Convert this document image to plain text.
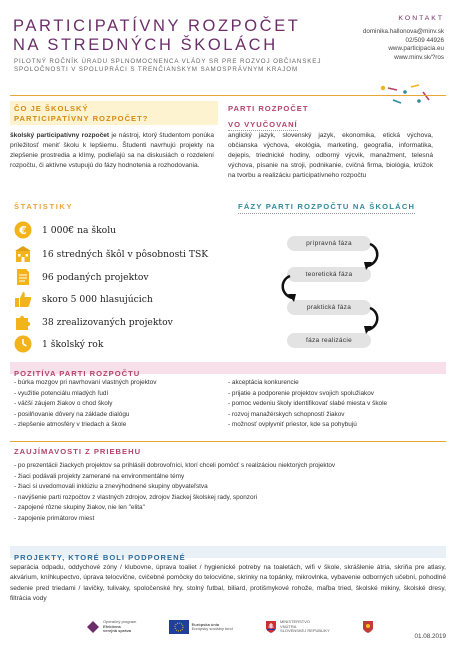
PARTICIPATÍVNY ROZPOČET
NA STREDNÝCH ŠKOLÁCH
PILOTNÝ ROČNÍK ÚRADU SPLNOMOCNENCA VLÁDY SR PRE ROZVOJ OBČIANSKEJ
SPOLOČNOSTI V SPOLUPRÁCI S TRENČIANSKYM SAMOSPRÁVNYM KRAJOM
KONTAKT
dominika.hallonova@minv.sk
02/509 44926
www.participacia.eu
www.minv.sk/?ros
ČO JE ŠKOLSKÝ
PARTICIPATÍVNY ROZPOČET?
školský participatívny rozpočet je nástroj, ktorý študentom ponúka príležitosť meniť školu k lepšiemu. Študenti navrhujú projekty na zlepšenie prostredia a klímy, podieľajú sa na diskusiách o rozdelení rozpočtu, či aktívne vstupujú do fázy hodnotenia a rozhodovania.
PARTI ROZPOČET
VO VYUČOVANÍ
anglický jazyk, slovenský jazyk, ekonomika, etická výchova, občianska výchova, ekológia, marketing, geografia, informatika, dejepis, triednické hodiny, odborný výcvik, manažment, telesná výchova, písanie na stroji, podnikanie, cvičná firma, biológia, krúžok na tvorbu a realizáciu participatívneho rozpočtu
ŠTATISTIKY
€ 1 000€ na školu
16 stredných škôl v pôsobnosti TSK
96 podaných projektov
skoro 5 000 hlasujúcich
38 zrealizovaných projektov
1 školský rok
FÁZY PARTI ROZPOČTU NA ŠKOLÁCH
prípravná fáza
teoretická fáza
praktická fáza
fáza realizácie
POZITÍVA PARTI ROZPOČTU
- búrka mozgov pri navrhovaní vlastných projektov
- využitie potenciálu mladých ľudí
- väčší záujem žiakov o chod školy
- posilňovanie dôvery na základe dialógu
- zlepšenie atmosféry v triedach a škole
- akceptácia konkurencie
- prijatie a podporenie projektov svojich spolužiakov
- pomoc vedeniu školy identifikovať slabé miesta v škole
- rozvoj manažérskych schopností žiakov
- možnosť ovplyvniť priestor, kde sa pohybujú
ZAUJÍMAVOSTI Z PRIEBEHU
- po prezentácii žiackych projektov sa prihlásili dobrovoľníci, ktorí chceli pomôcť s realizáciou niektorých projektov
- žiaci podávali projekty zamerané na environmentálne témy
- žiaci si uvedomovali inklúziu a znevýhodnené skupiny obyvateľstva
- navýšenie parti rozpočtov z vlastných zdrojov, zdrojov žiackej školskej rady, sponzori
- zapojené rôzne skupiny žiakov, nie len "elita"
- zapojenie primátorov miest
PROJEKTY, KTORÉ BOLI PODPORENÉ
separácia odpadu, oddychové zóny / klubovne, úprava toaliet / hygienické potreby na toaletách, wifi v škole, skrášlenie átria, skriňa pre atlasy, akvárium, kníhkupectvo, úprava telocvične, cvičebné pomôcky do telocvične, skrinky na topánky, mikrovlnka, vybavenie odborných učební, pohodlné sedenie pred triedami / lavičky, tulivaky, spoločenské hry, stolný futbal, biliard, protišmykové rohože, maľba tried, školské mikiny, školské dresy, filtrácia vody
Operačný program
Efektívna
verejná správa
Európska únia
Európsky sociálny fond
MINISTERSTVO
VNÚTRA
SLOVENSKEJ REPUBLIKY
01.08.2019
